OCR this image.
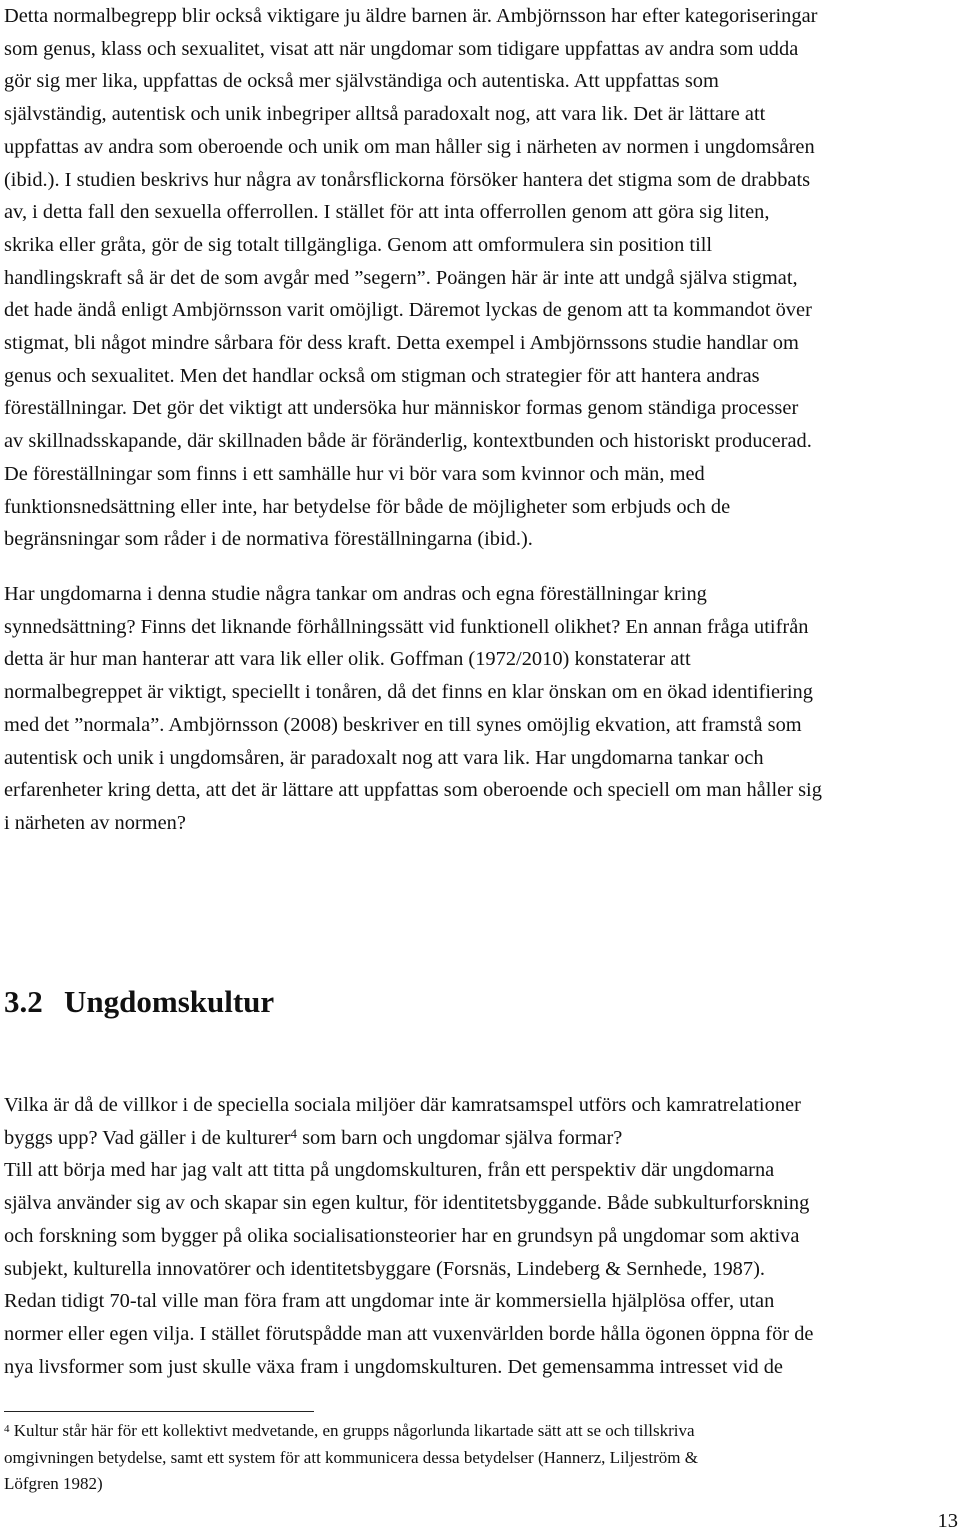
Detta normalbegrepp blir också viktigare ju äldre barnen är. Ambjörnsson har efter kategoriseringar
som genus, klass och sexualitet, visat att när ungdomar som tidigare uppfattas av andra som udda
gör sig mer lika, uppfattas de också mer självständiga och autentiska. Att uppfattas som
självständig, autentisk och unik inbegriper alltså paradoxalt nog, att vara lik. Det är lättare att
uppfattas av andra som oberoende och unik om man håller sig i närheten av normen i ungdomsåren
(ibid.). I studien beskrivs hur några av tonårsflickorna försöker hantera det stigma som de drabbats
av, i detta fall den sexuella offerrollen. I stället för att inta offerrollen genom att göra sig liten,
skrika eller gråta, gör de sig totalt tillgängliga. Genom att omformulera sin position till
handlingskraft så är det de som avgår med ”segern”. Poängen här är inte att undgå själva stigmat,
det hade ändå enligt Ambjörnsson varit omöjligt. Däremot lyckas de genom att ta kommandot över
stigmat, bli något mindre sårbara för dess kraft. Detta exempel i Ambjörnssons studie handlar om
genus och sexualitet. Men det handlar också om stigman och strategier för att hantera andras
föreställningar. Det gör det viktigt att undersöka hur människor formas genom ständiga processer
av skillnadsskapande, där skillnaden både är föränderlig, kontextbunden och historiskt producerad.
De föreställningar som finns i ett samhälle hur vi bör vara som kvinnor och män, med
funktionsnedsättning eller inte, har betydelse för både de möjligheter som erbjuds och de
begränsningar som råder i de normativa föreställningarna (ibid.).
Har ungdomarna i denna studie några tankar om andras och egna föreställningar kring
synnedsättning? Finns det liknande förhållningssätt vid funktionell olikhet? En annan fråga utifrån
detta är hur man hanterar att vara lik eller olik. Goffman (1972/2010) konstaterar att
normalbegreppet är viktigt, speciellt i tonåren, då det finns en klar önskan om en ökad identifiering
med det ”normala”. Ambjörnsson (2008) beskriver en till synes omöjlig ekvation, att framstå som
autentisk och unik i ungdomsåren, är paradoxalt nog att vara lik. Har ungdomarna tankar och
erfarenheter kring detta, att det är lättare att uppfattas som oberoende och speciell om man håller sig
i närheten av normen?
3.2 Ungdomskultur
Vilka är då de villkor i de speciella sociala miljöer där kamratsamspel utförs och kamratrelationer
byggs upp? Vad gäller i de kulturer$^4$ som barn och ungdomar själva formar?
Till att börja med har jag valt att titta på ungdomskulturen, från ett perspektiv där ungdomarna
själva använder sig av och skapar sin egen kultur, för identitetsbyggande. Både subkulturforskning
och forskning som bygger på olika socialisationsteorier har en grundsyn på ungdomar som aktiva
subjekt, kulturella innovatörer och identitetsbyggare (Forsnäs, Lindeberg & Sernhede, 1987).
Redan tidigt 70-tal ville man föra fram att ungdomar inte är kommersiella hjälplösa offer, utan
normer eller egen vilja. I stället förutspådde man att vuxenvärlden borde hålla ögonen öppna för de
nya livsformer som just skulle växa fram i ungdomskulturen. Det gemensamma intresset vid de
$^4$ Kultur står här för ett kollektivt medvetande, en grupps någorlunda likartade sätt att se och tillskriva
omgivningen betydelse, samt ett system för att kommunicera dessa betydelser (Hannerz, Liljeström &
Löfgren 1982)
13
